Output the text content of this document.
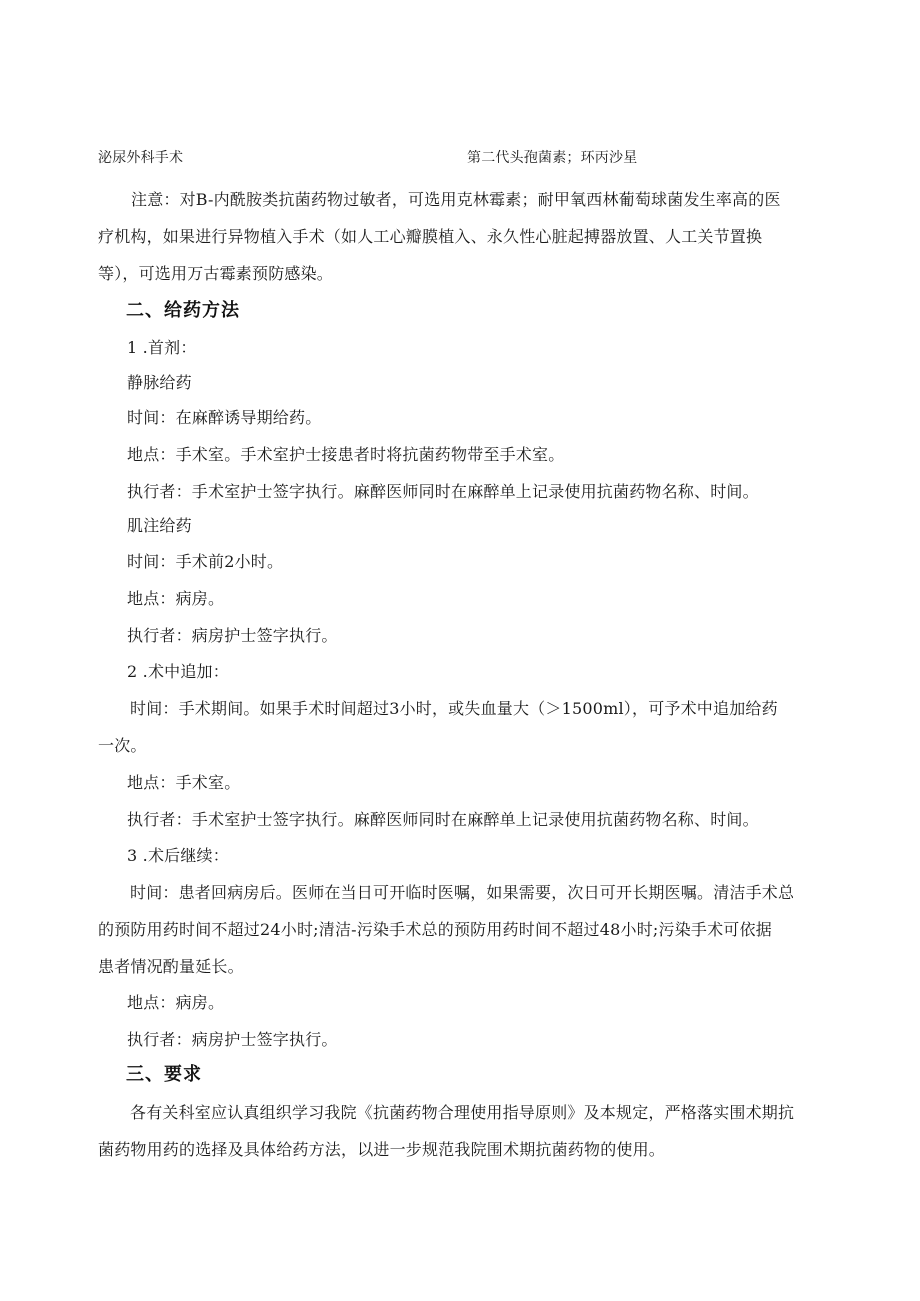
泌尿外科手术	第二代头孢菌素；环丙沙星
注意：对B-内酰胺类抗菌药物过敏者，可选用克林霉素；耐甲氧西林葡萄球菌发生率高的医
疗机构，如果进行异物植入手术（如人工心瓣膜植入、永久性心脏起搏器放置、人工关节置换
等），可选用万古霉素预防感染。
二、给药方法
1 .首剂：
静脉给药
时间：在麻醉诱导期给药。
地点：手术室。手术室护士接患者时将抗菌药物带至手术室。
执行者：手术室护士签字执行。麻醉医师同时在麻醉单上记录使用抗菌药物名称、时间。
肌注给药
时间：手术前2小时。
地点：病房。
执行者：病房护士签字执行。
2 .术中追加：
时间：手术期间。如果手术时间超过3小时，或失血量大（＞1500ml），可予术中追加给药
一次。
地点：手术室。
执行者：手术室护士签字执行。麻醉医师同时在麻醉单上记录使用抗菌药物名称、时间。
3 .术后继续：
时间：患者回病房后。医师在当日可开临时医嘱，如果需要，次日可开长期医嘱。清洁手术总
的预防用药时间不超过24小时;清洁-污染手术总的预防用药时间不超过48小时;污染手术可依据
患者情况酌量延长。
地点：病房。
执行者：病房护士签字执行。
三、要求
各有关科室应认真组织学习我院《抗菌药物合理使用指导原则》及本规定，严格落实围术期抗
菌药物用药的选择及具体给药方法，以进一步规范我院围术期抗菌药物的使用。
